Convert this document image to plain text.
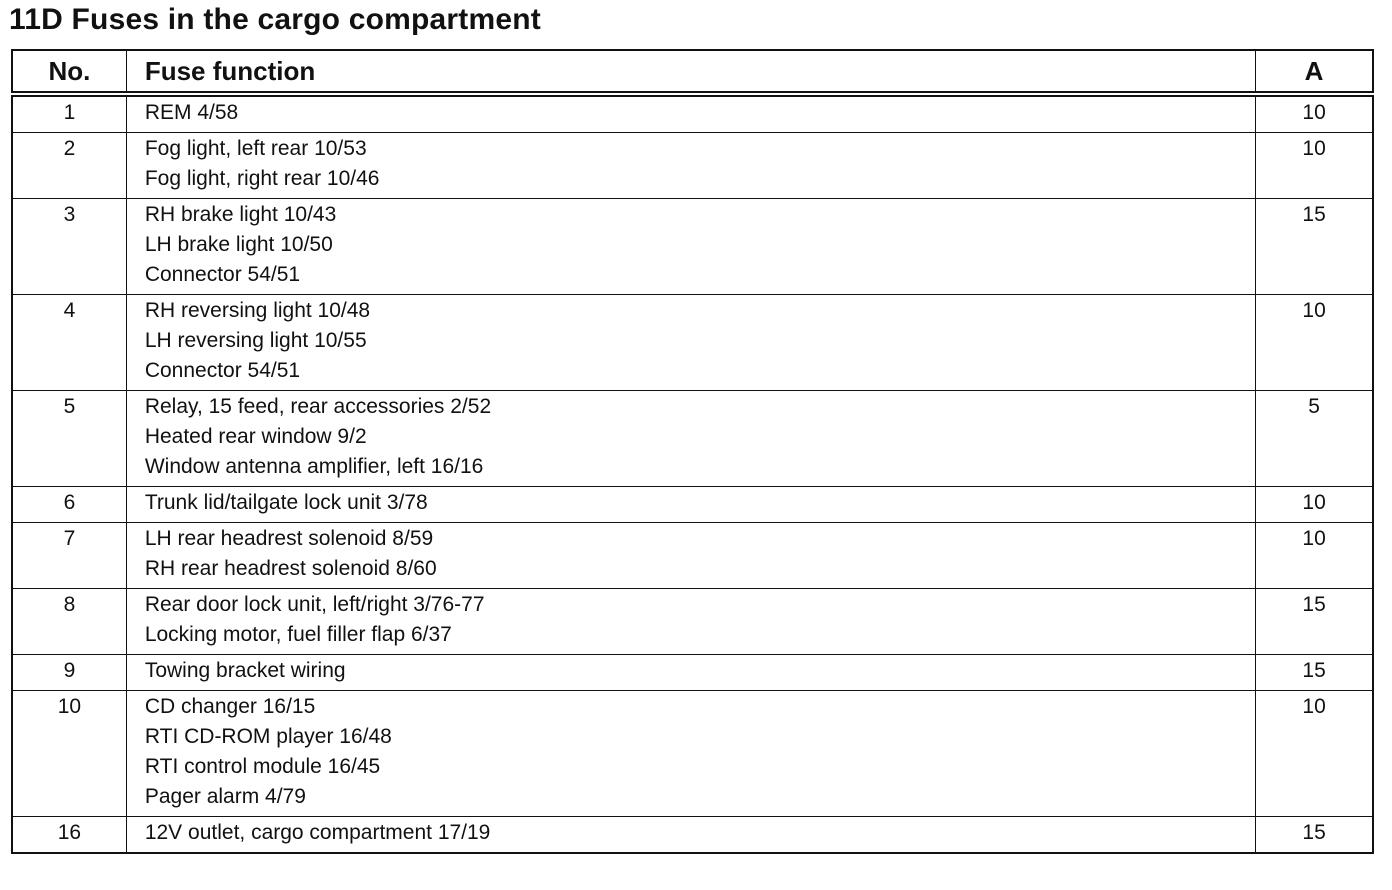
11D Fuses in the cargo compartment
No.	Fuse function	A
1	REM 4/58	10
2	Fog light, left rear 10/53
Fog light, right rear 10/46	10
3	RH brake light 10/43
LH brake light 10/50
Connector 54/51	15
4	RH reversing light 10/48
LH reversing light 10/55
Connector 54/51	10
5	Relay, 15 feed, rear accessories 2/52
Heated rear window 9/2
Window antenna amplifier, left 16/16	5
6	Trunk lid/tailgate lock unit 3/78	10
7	LH rear headrest solenoid 8/59
RH rear headrest solenoid 8/60	10
8	Rear door lock unit, left/right 3/76-77
Locking motor, fuel filler flap 6/37	15
9	Towing bracket wiring	15
10	CD changer 16/15
RTI CD-ROM player 16/48
RTI control module 16/45
Pager alarm 4/79	10
16	12V outlet, cargo compartment 17/19	15
